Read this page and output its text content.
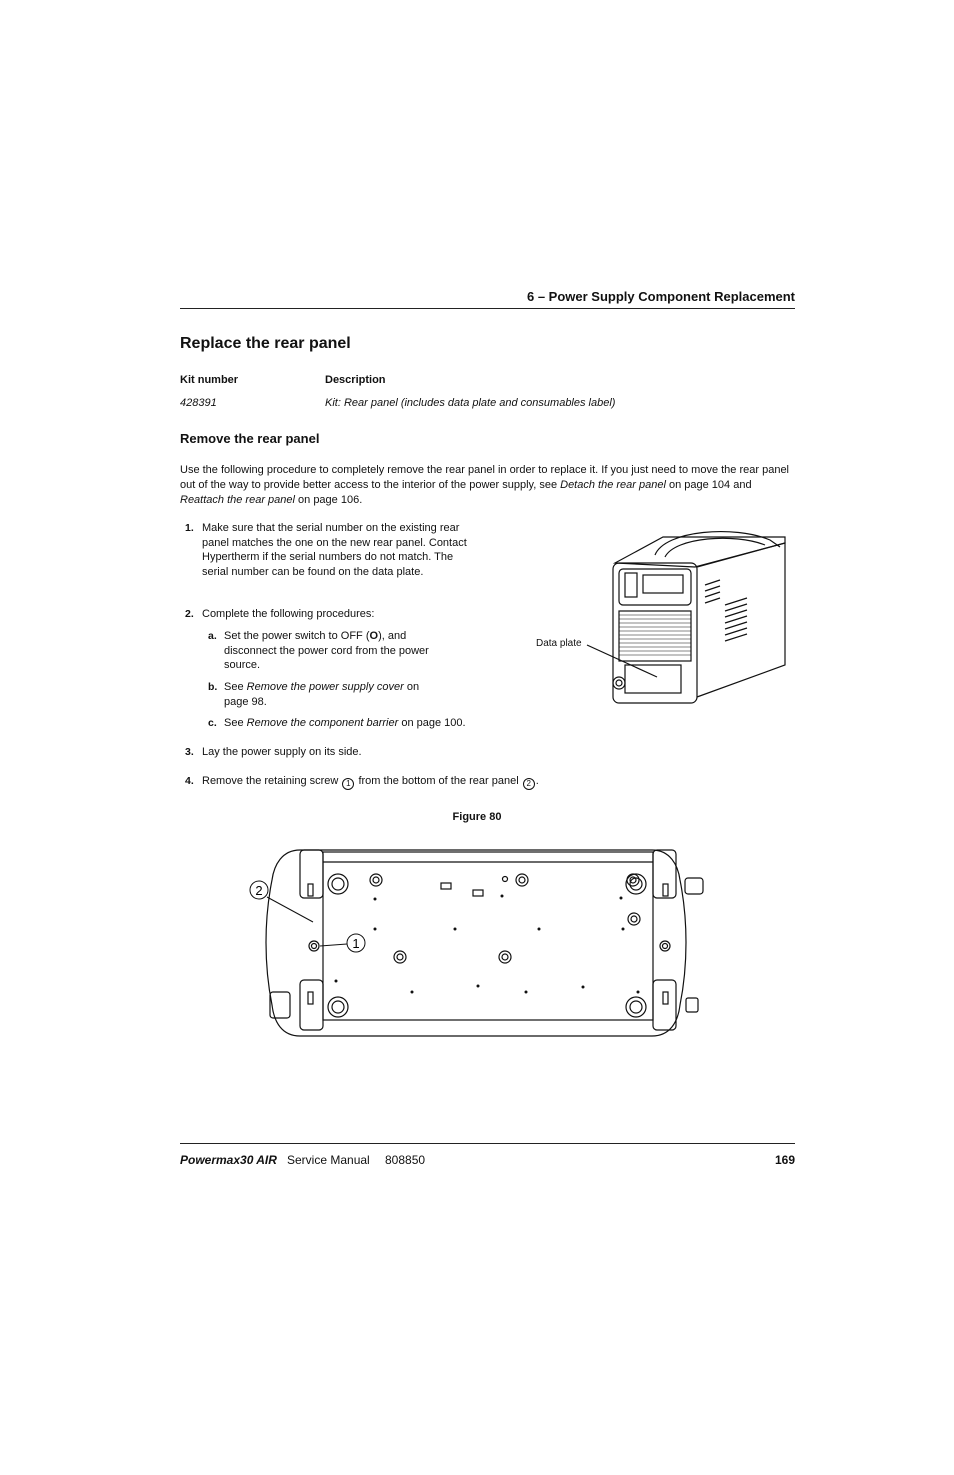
6 – Power Supply Component Replacement
Replace the rear panel
Kit number	Description
428391	Kit: Rear panel (includes data plate and consumables label)
Remove the rear panel
Use the following procedure to completely remove the rear panel in order to replace it. If you just need to move the rear panel out of the way to provide better access to the interior of the power supply, see Detach the rear panel on page 104 and Reattach the rear panel on page 106.
1. Make sure that the serial number on the existing rear panel matches the one on the new rear panel. Contact Hypertherm if the serial numbers do not match. The serial number can be found on the data plate.
2. Complete the following procedures:
a. Set the power switch to OFF (O), and disconnect the power cord from the power source.
b. See Remove the power supply cover on page 98.
c. See Remove the component barrier on page 100.
3. Lay the power supply on its side.
4. Remove the retaining screw 1 from the bottom of the rear panel 2 .
Data plate
Figure 80
2
1
Powermax30 AIR Service Manual 808850	169
